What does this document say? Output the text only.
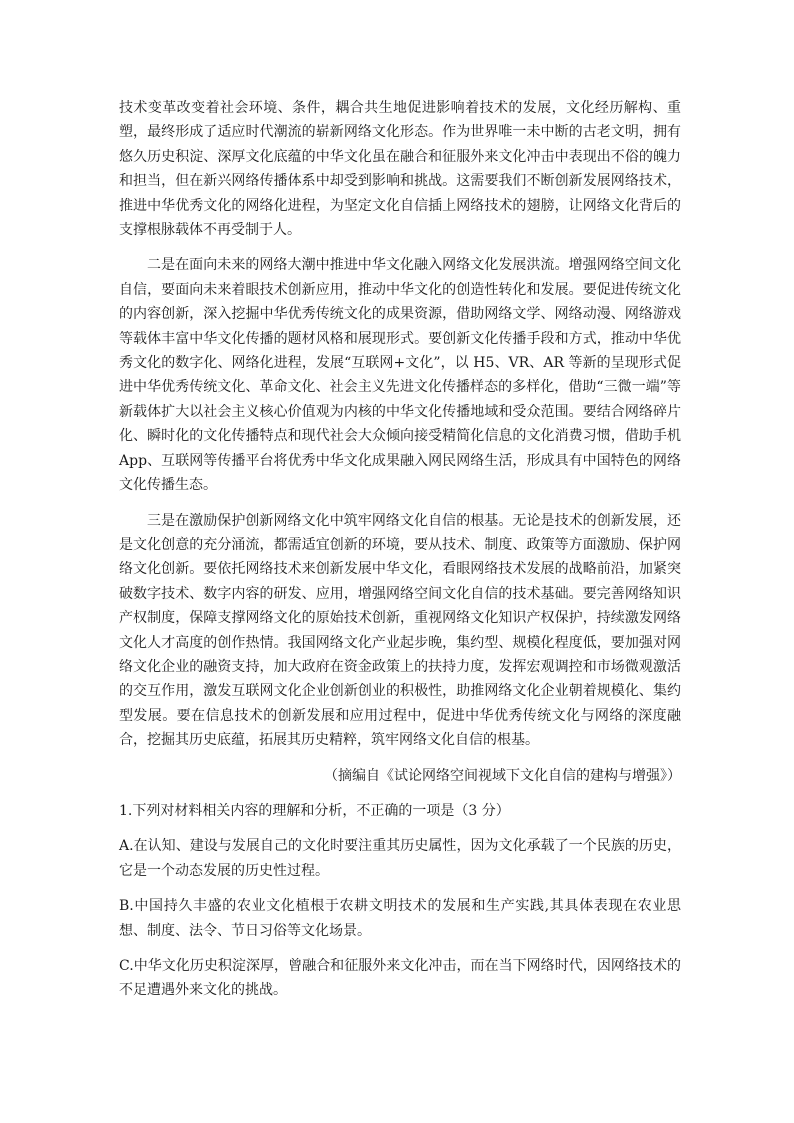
技术变革改变着社会环境、条件，耦合共生地促进影响着技术的发展，文化经历解构、重塑，最终形成了适应时代潮流的崭新网络文化形态。作为世界唯一未中断的古老文明，拥有悠久历史积淀、深厚文化底蕴的中华文化虽在融合和征服外来文化冲击中表现出不俗的魄力和担当，但在新兴网络传播体系中却受到影响和挑战。这需要我们不断创新发展网络技术，推进中华优秀文化的网络化进程，为坚定文化自信插上网络技术的翅膀，让网络文化背后的支撑根脉载体不再受制于人。

二是在面向未来的网络大潮中推进中华文化融入网络文化发展洪流。增强网络空间文化自信，要面向未来着眼技术创新应用，推动中华文化的创造性转化和发展。要促进传统文化的内容创新，深入挖掘中华优秀传统文化的成果资源，借助网络文学、网络动漫、网络游戏等载体丰富中华文化传播的题材风格和展现形式。要创新文化传播手段和方式，推动中华优秀文化的数字化、网络化进程，发展“互联网+文化”，以 H5、VR、AR 等新的呈现形式促进中华优秀传统文化、革命文化、社会主义先进文化传播样态的多样化，借助“三微一端”等新载体扩大以社会主义核心价值观为内核的中华文化传播地域和受众范围。要结合网络碎片化、瞬时化的文化传播特点和现代社会大众倾向接受精简化信息的文化消费习惯，借助手机App、互联网等传播平台将优秀中华文化成果融入网民网络生活，形成具有中国特色的网络文化传播生态。

三是在激励保护创新网络文化中筑牢网络文化自信的根基。无论是技术的创新发展，还是文化创意的充分涌流，都需适宜创新的环境，要从技术、制度、政策等方面激励、保护网络文化创新。要依托网络技术来创新发展中华文化，看眼网络技术发展的战略前沿，加紧突破数字技术、数字内容的研发、应用，增强网络空间文化自信的技术基础。要完善网络知识产权制度，保障支撑网络文化的原始技术创新，重视网络文化知识产权保护，持续激发网络文化人才高度的创作热情。我国网络文化产业起步晚，集约型、规模化程度低，要加强对网络文化企业的融资支持，加大政府在资金政策上的扶持力度，发挥宏观调控和市场微观激活的交互作用，激发互联网文化企业创新创业的积极性，助推网络文化企业朝着规模化、集约型发展。要在信息技术的创新发展和应用过程中，促进中华优秀传统文化与网络的深度融合，挖掘其历史底蕴，拓展其历史精粹，筑牢网络文化自信的根基。

（摘编自《试论网络空间视域下文化自信的建构与增强》）

1.下列对材料相关内容的理解和分析，不正确的一项是（3 分）

A.在认知、建设与发展自己的文化时要注重其历史属性，因为文化承载了一个民族的历史，它是一个动态发展的历史性过程。

B.中国持久丰盛的农业文化植根于农耕文明技术的发展和生产实践,其具体表现在农业思想、制度、法令、节日习俗等文化场景。

C.中华文化历史积淀深厚，曾融合和征服外来文化冲击，而在当下网络时代，因网络技术的不足遭遇外来文化的挑战。
